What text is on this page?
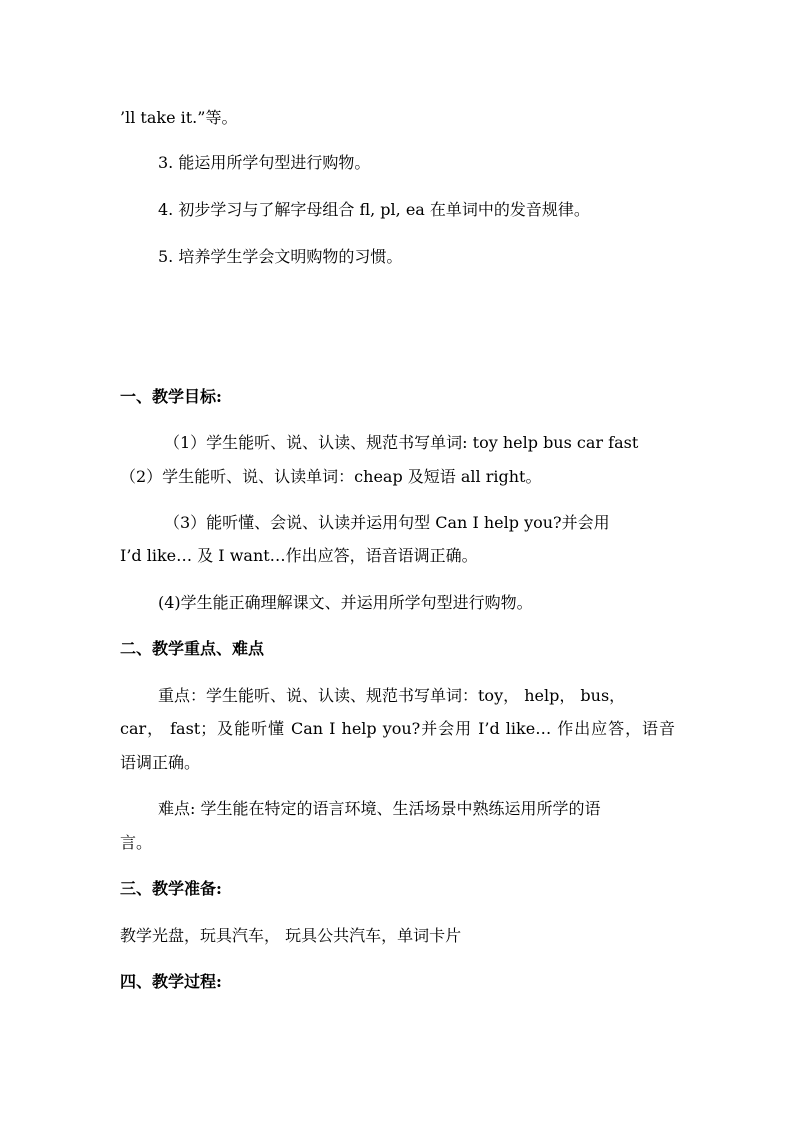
’ll take it.”等。
3. 能运用所学句型进行购物。
4. 初步学习与了解字母组合 fl, pl, ea 在单词中的发音规律。
5. 培养学生学会文明购物的习惯。
一、教学目标:
（1）学生能听、说、认读、规范书写单词: toy help bus car fast
（2）学生能听、说、认读单词：cheap 及短语 all right。
（3）能听懂、会说、认读并运用句型 Can I help you?并会用
I’d like… 及 I want…作出应答，语音语调正确。
(4)学生能正确理解课文、并运用所学句型进行购物。
二、教学重点、难点
重点：学生能听、说、认读、规范书写单词：toy， help， bus，
car， fast；及能听懂 Can I help you?并会用 I’d like… 作出应答，语音
语调正确。
难点: 学生能在特定的语言环境、生活场景中熟练运用所学的语
言。
三、教学准备:
教学光盘，玩具汽车， 玩具公共汽车，单词卡片
四、教学过程:
